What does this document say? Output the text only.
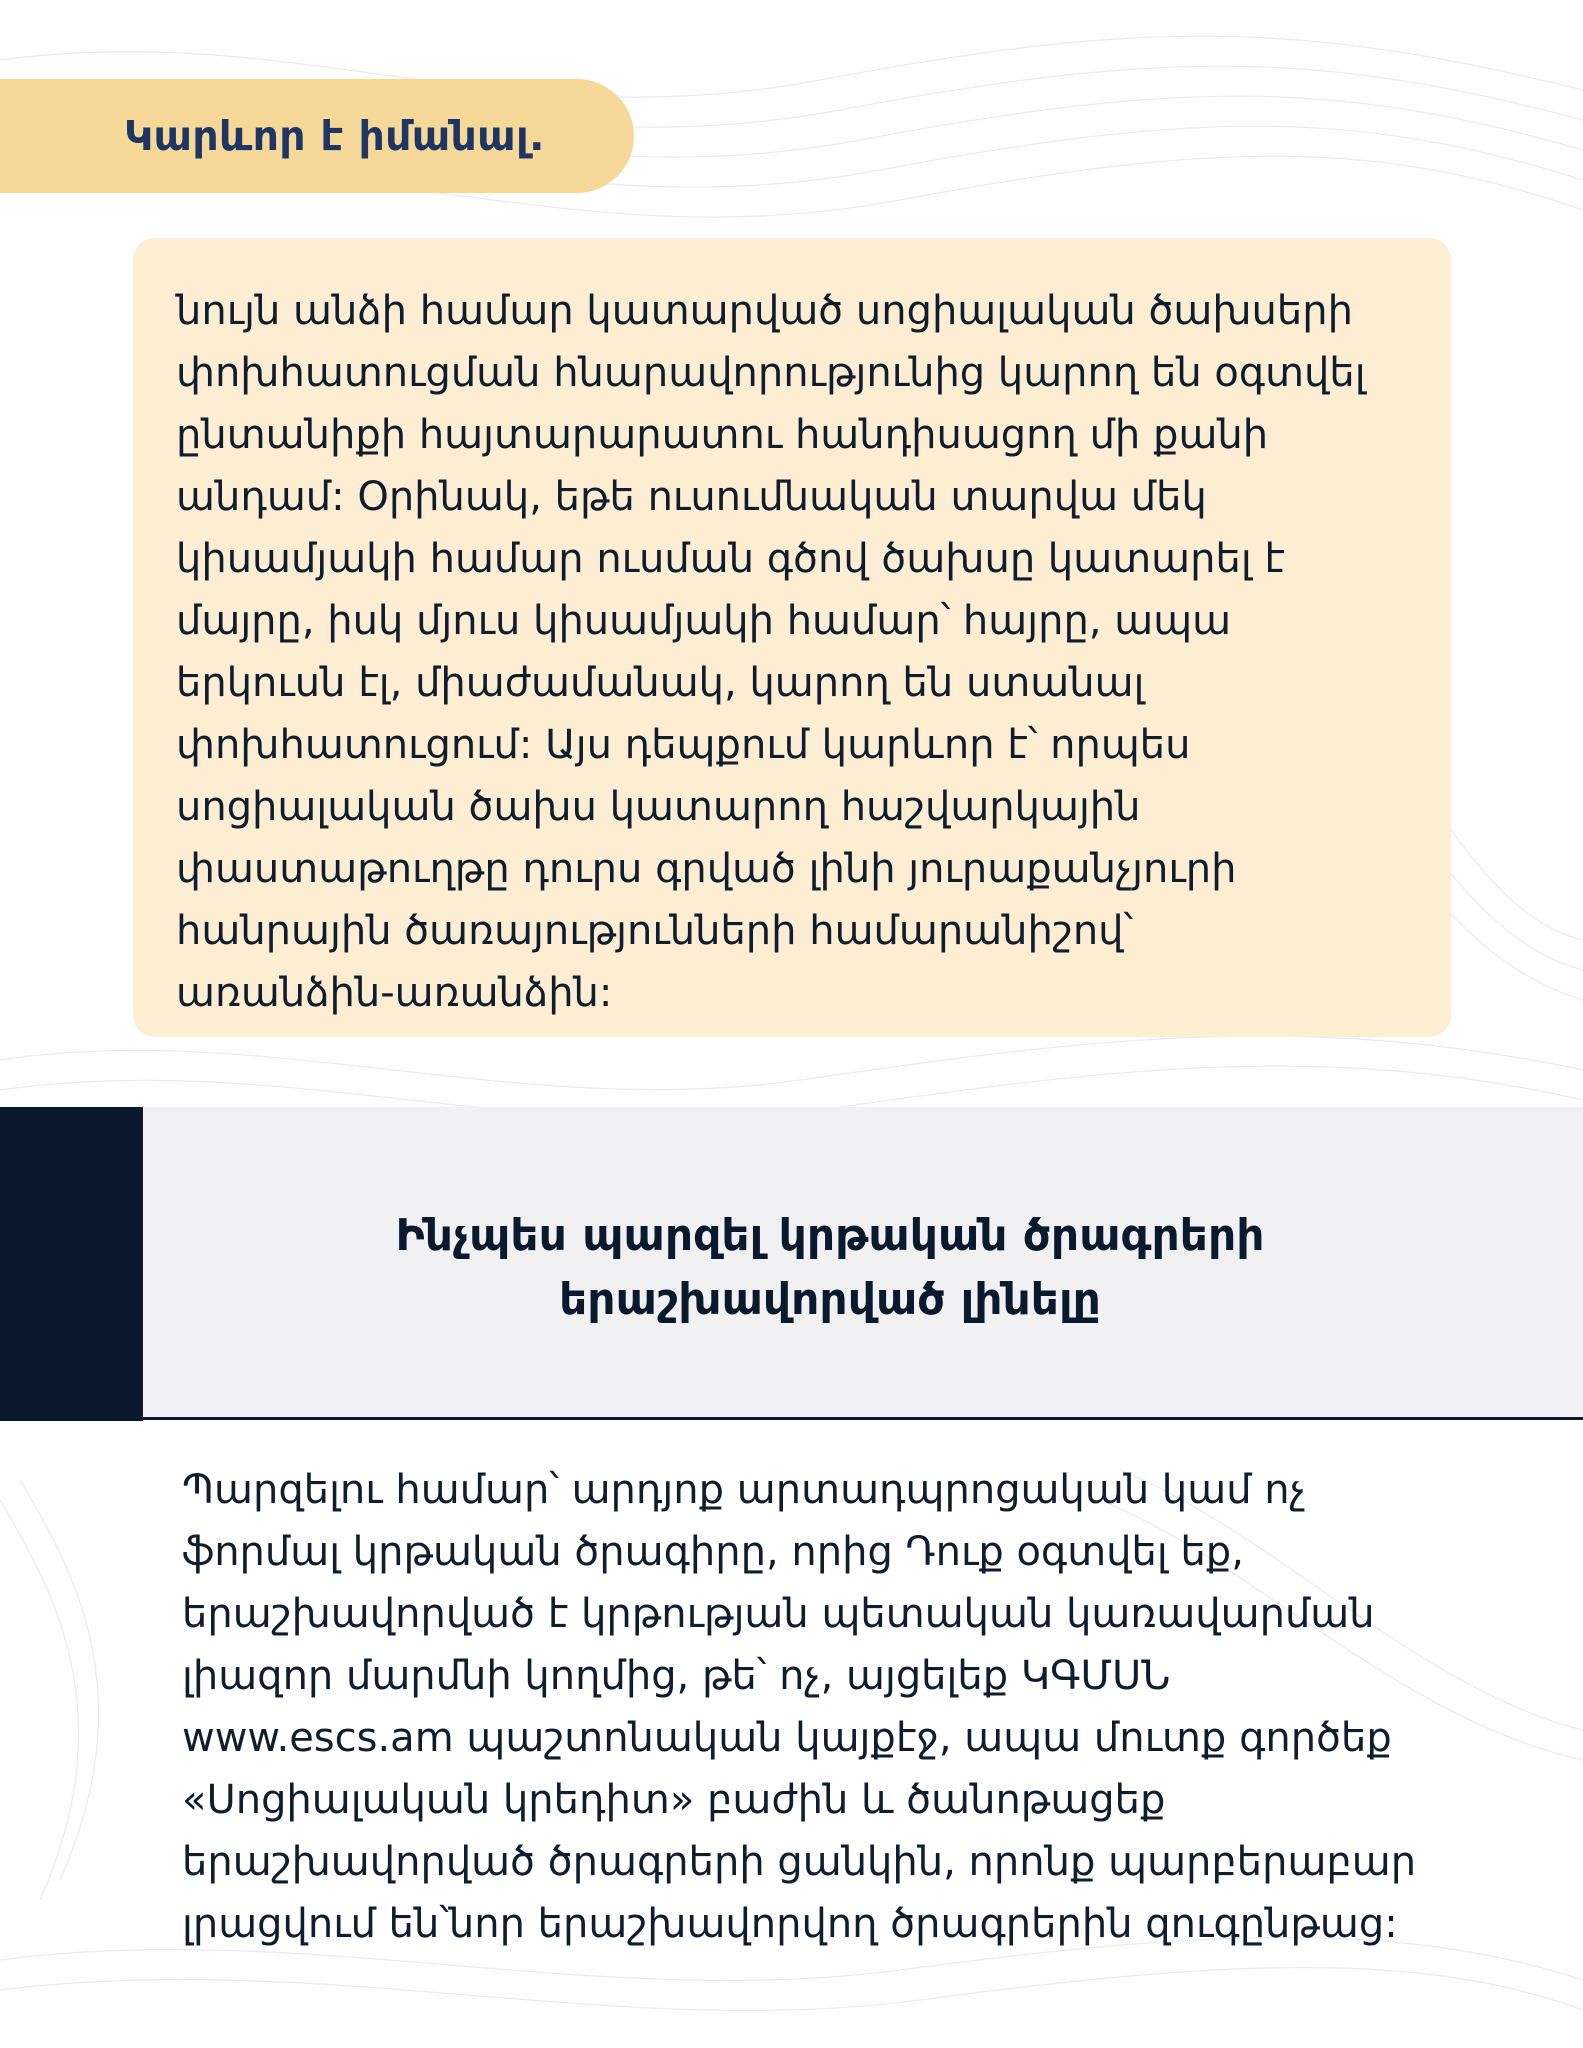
Կարևոր է իմանալ.
նույն անձի համար կատարված սոցիալական ծախսերի
փոխհատուցման հնարավորությունից կարող են օգտվել
ընտանիքի հայտարարատու հանդիսացող մի քանի
անդամ: Օրինակ, եթե ուսումնական տարվա մեկ
կիսամյակի համար ուսման գծով ծախսը կատարել է
մայրը, իսկ մյուս կիսամյակի համար՝ հայրը, ապա
երկուսն էլ, միաժամանակ, կարող են ստանալ
փոխհատուցում: Այս դեպքում կարևոր է՝ որպես
սոցիալական ծախս կատարող հաշվարկային
փաստաթուղթը դուրս գրված լինի յուրաքանչյուրի
հանրային ծառայությունների համարանիշով՝
առանձին-առանձին:
Ինչպես պարզել կրթական ծրագրերի
երաշխավորված լինելը
Պարզելու համար՝ արդյոք արտադպրոցական կամ ոչ
ֆորմալ կրթական ծրագիրը, որից Դուք օգտվել եք,
երաշխավորված է կրթության պետական կառավարման
լիազոր մարմնի կողմից, թե՝ ոչ, այցելեք ԿԳՄՍՆ
www.escs.am պաշտոնական կայքէջ, ապա մուտք գործեք
«Սոցիալական կրեդիտ» բաժին և ծանոթացեք
երաշխավորված ծրագրերի ցանկին, որոնք պարբերաբար
լրացվում են՝նոր երաշխավորվող ծրագրերին զուգընթաց:
